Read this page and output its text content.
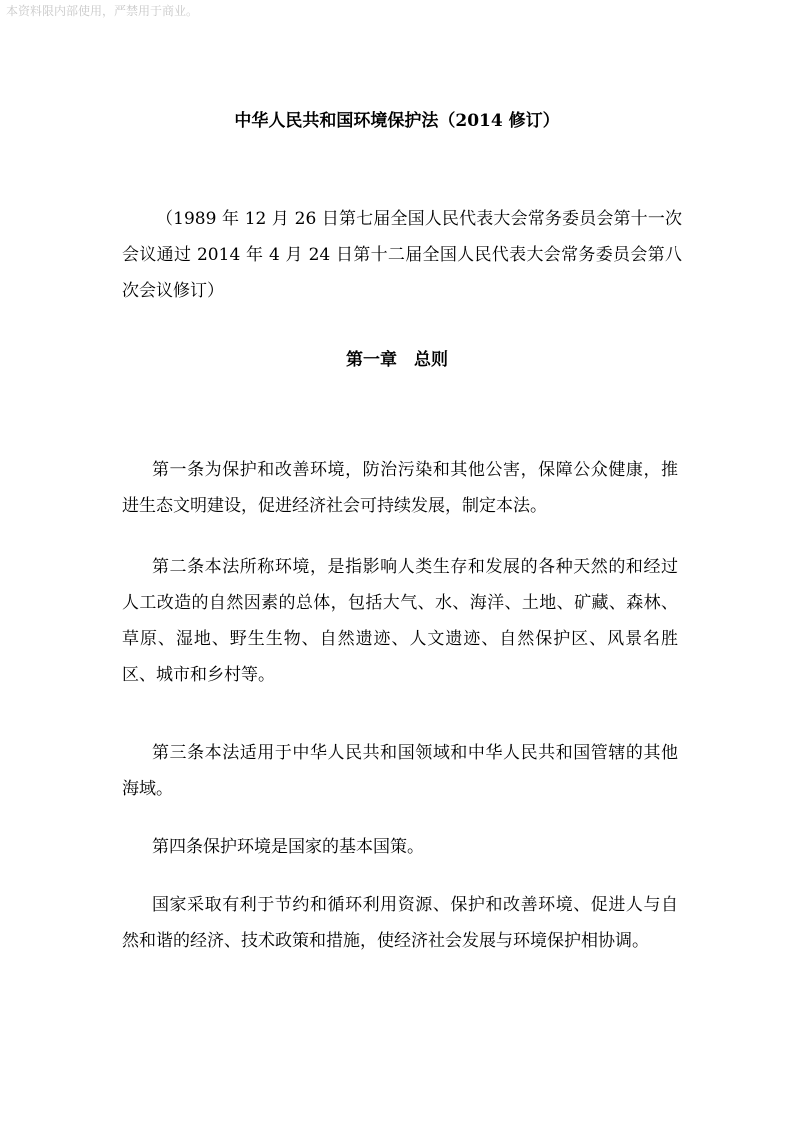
本资料限内部使用，严禁用于商业。
中华人民共和国环境保护法（2014 修订）
（1989 年 12 月 26 日第七届全国人民代表大会常务委员会第十一次会议通过 2014 年 4 月 24 日第十二届全国人民代表大会常务委员会第八次会议修订）
第一章　总则
第一条为保护和改善环境，防治污染和其他公害，保障公众健康，推进生态文明建设，促进经济社会可持续发展，制定本法。
第二条本法所称环境，是指影响人类生存和发展的各种天然的和经过人工改造的自然因素的总体，包括大气、水、海洋、土地、矿藏、森林、草原、湿地、野生生物、自然遗迹、人文遗迹、自然保护区、风景名胜区、城市和乡村等。
第三条本法适用于中华人民共和国领域和中华人民共和国管辖的其他海域。
第四条保护环境是国家的基本国策。
国家采取有利于节约和循环利用资源、保护和改善环境、促进人与自然和谐的经济、技术政策和措施，使经济社会发展与环境保护相协调。
